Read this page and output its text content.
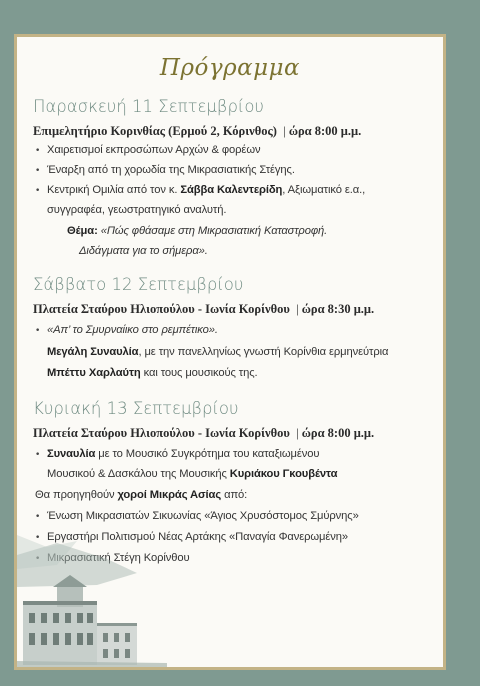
Πρόγραμμα
Παρασκευή 11 Σεπτεμβρίου
Επιμελητήριο Κορινθίας (Ερμού 2, Κόρινθος)  | ώρα 8:00 μ.μ.
• Χαιρετισμοί εκπροσώπων Αρχών & φορέων
• Έναρξη από τη χορωδία της Μικρασιατικής Στέγης.
• Κεντρική Ομιλία από τον κ. Σάββα Καλεντερίδη, Αξιωματικό ε.α.,
συγγραφέα, γεωστρατηγικό αναλυτή.
Θέμα: «Πώς φθάσαμε στη Μικρασιατική Καταστροφή.
Διδάγματα για το σήμερα».
Σάββατο 12 Σεπτεμβρίου
Πλατεία Σταύρου Ηλιοπούλου - Ιωνία Κορίνθου  | ώρα 8:30 μ.μ.
• «Απ’ το Σμυρναίικο στο ρεμπέτικο».
Μεγάλη Συναυλία, με την πανελληνίως γνωστή Κορίνθια ερμηνεύτρια
Μπέττυ Χαρλαύτη και τους μουσικούς της.
Κυριακή 13 Σεπτεμβρίου
Πλατεία Σταύρου Ηλιοπούλου - Ιωνία Κορίνθου  | ώρα 8:00 μ.μ.
• Συναυλία με το Μουσικό Συγκρότημα του καταξιωμένου
Μουσικού & Δασκάλου της Μουσικής Κυριάκου Γκουβέντα
Θα προηγηθούν χοροί Μικράς Ασίας από:
• Ένωση Μικρασιατών Σικυωνίας «Άγιος Χρυσόστομος Σμύρνης»
• Εργαστήρι Πολιτισμού Νέας Αρτάκης «Παναγία Φανερωμένη»
• Μικρασιατική Στέγη Κορίνθου
